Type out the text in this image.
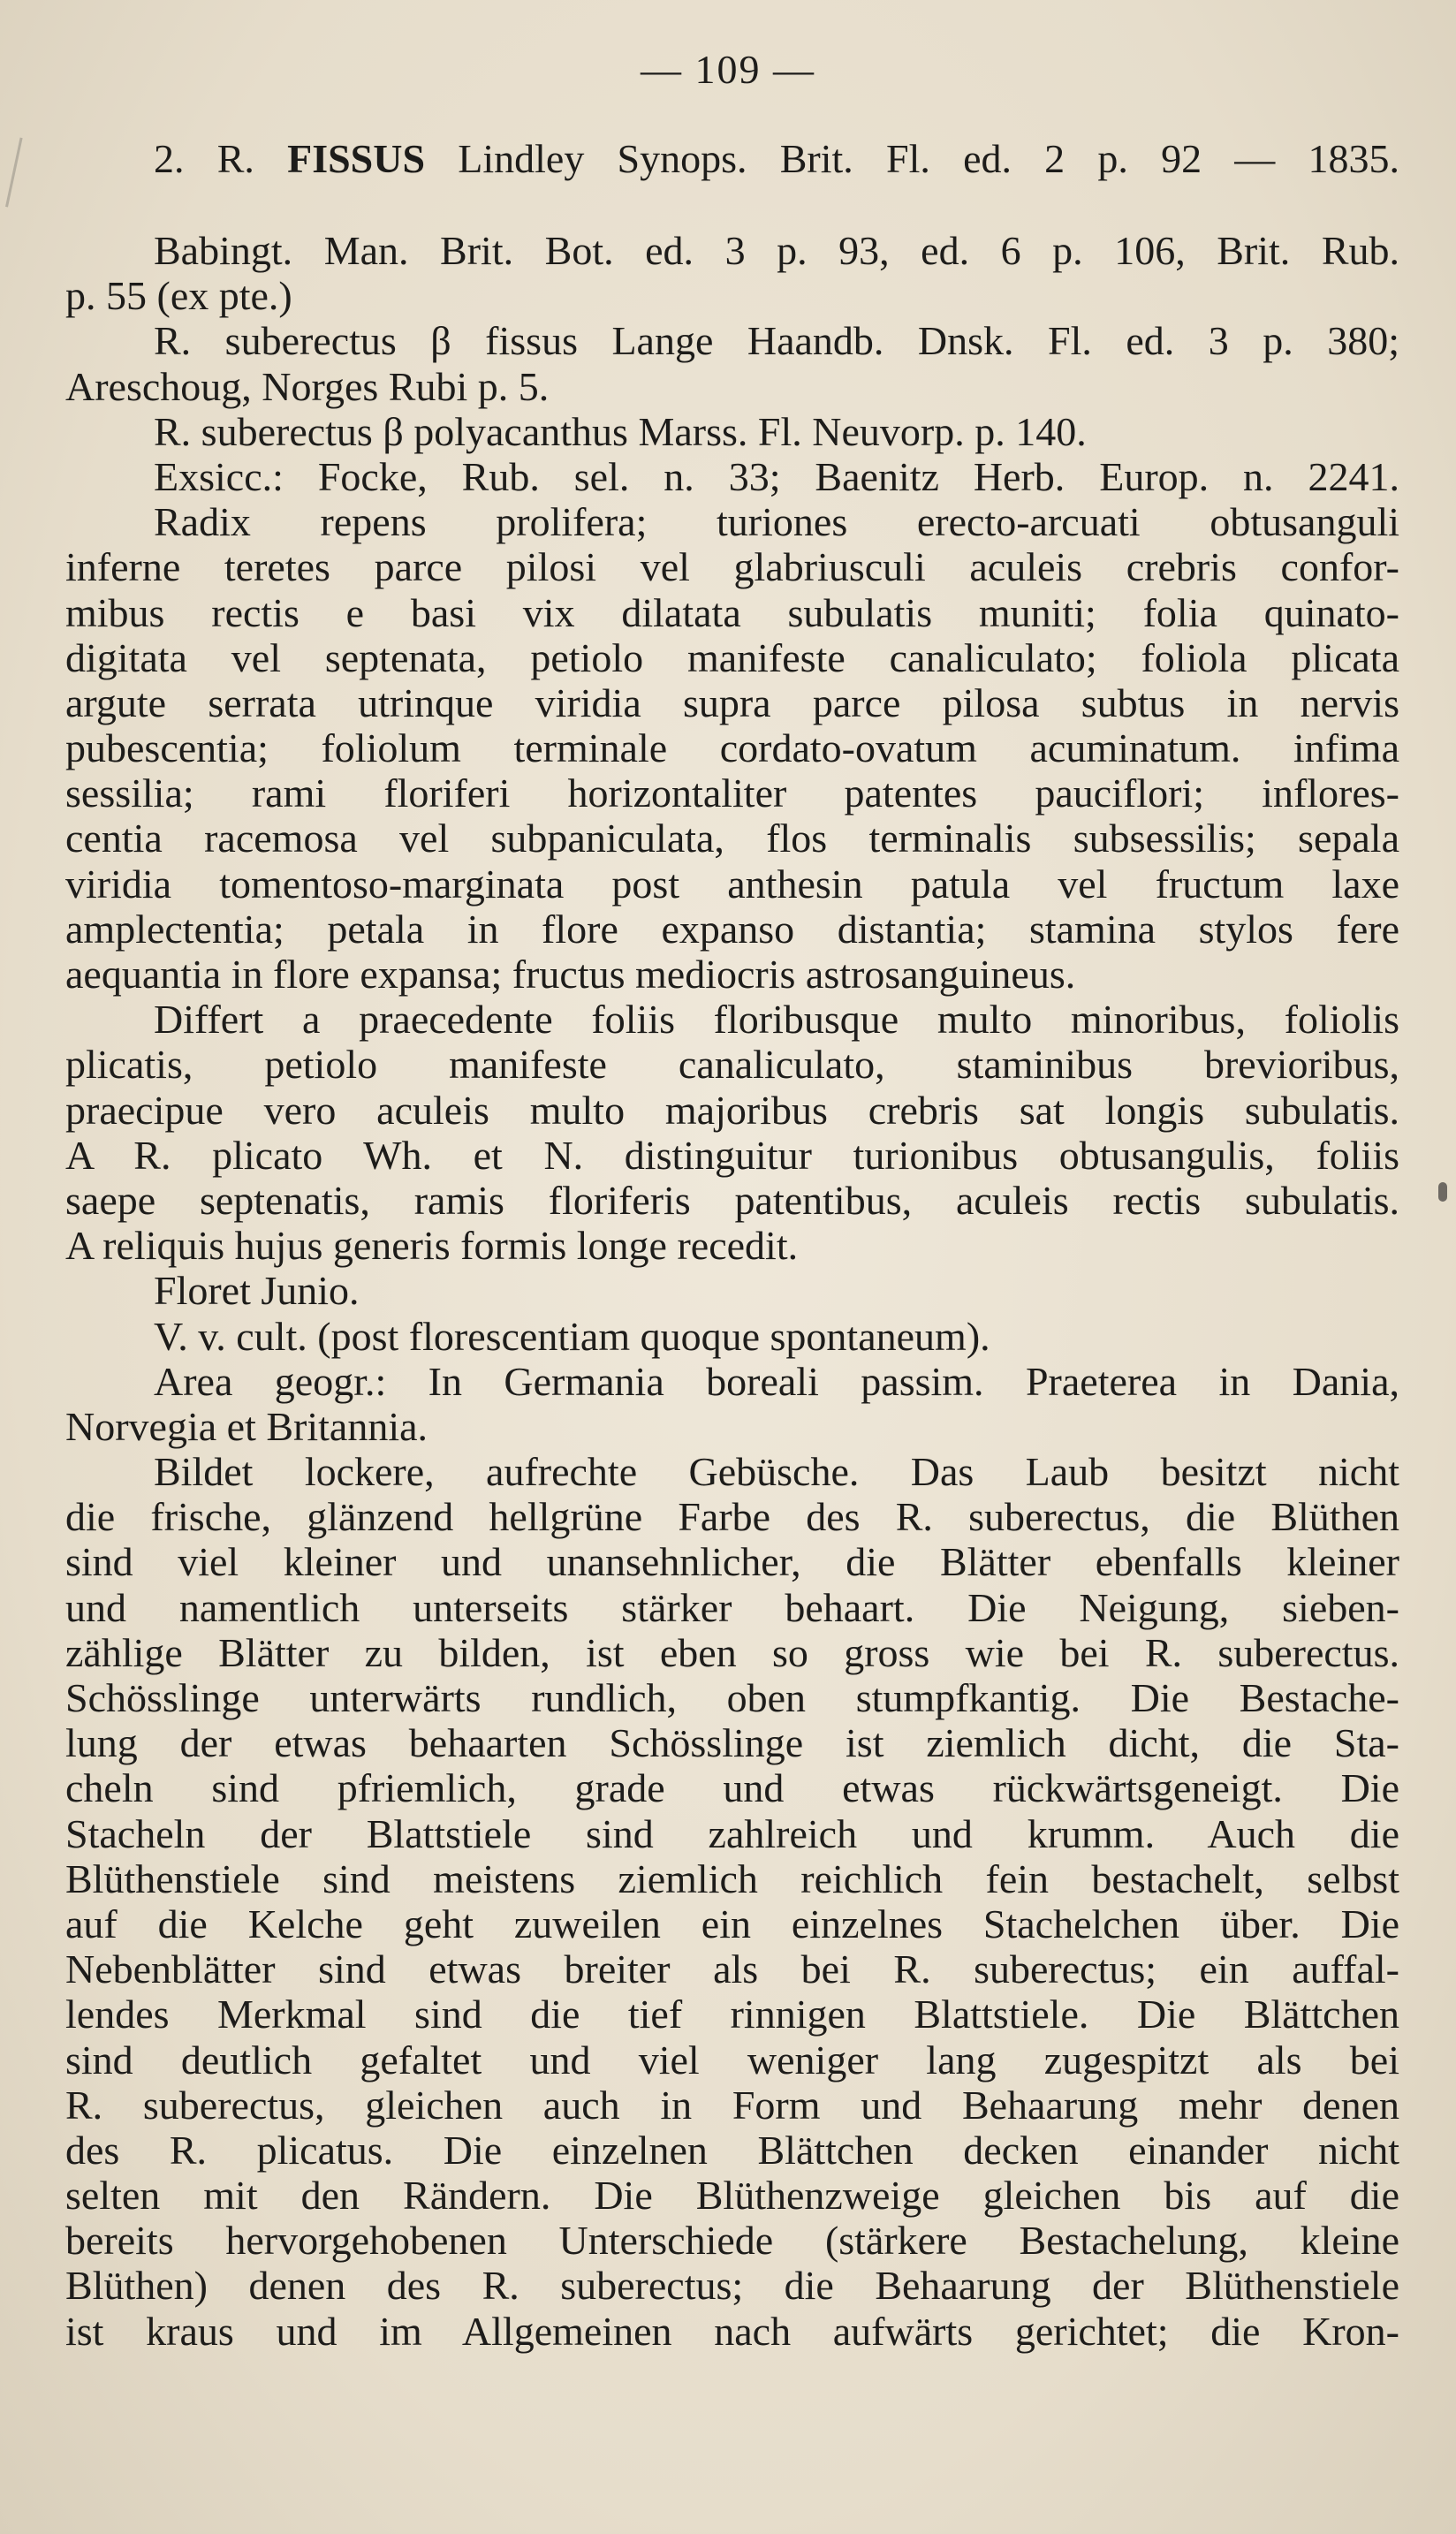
— 109 —
2. R. FISSUS Lindley Synops. Brit. Fl. ed. 2 p. 92 — 1835.
Babingt. Man. Brit. Bot. ed. 3 p. 93, ed. 6 p. 106, Brit. Rub.
p. 55 (ex pte.)
R. suberectus β fissus Lange Haandb. Dnsk. Fl. ed. 3 p. 380;
Areschoug, Norges Rubi p. 5.
R. suberectus β polyacanthus Marss. Fl. Neuvorp. p. 140.
Exsicc.: Focke, Rub. sel. n. 33; Baenitz Herb. Europ. n. 2241.
Radix repens prolifera; turiones erecto-arcuati obtusanguli
inferne teretes parce pilosi vel glabriusculi aculeis crebris confor-
mibus rectis e basi vix dilatata subulatis muniti; folia quinato-
digitata vel septenata, petiolo manifeste canaliculato; foliola plicata
argute serrata utrinque viridia supra parce pilosa subtus in nervis
pubescentia; foliolum terminale cordato-ovatum acuminatum. infima
sessilia; rami floriferi horizontaliter patentes pauciflori; inflores-
centia racemosa vel subpaniculata, flos terminalis subsessilis; sepala
viridia tomentoso-marginata post anthesin patula vel fructum laxe
amplectentia; petala in flore expanso distantia; stamina stylos fere
aequantia in flore expansa; fructus mediocris astrosanguineus.
Differt a praecedente foliis floribusque multo minoribus, foliolis
plicatis, petiolo manifeste canaliculato, staminibus brevioribus,
praecipue vero aculeis multo majoribus crebris sat longis subulatis.
A R. plicato Wh. et N. distinguitur turionibus obtusangulis, foliis
saepe septenatis, ramis floriferis patentibus, aculeis rectis subulatis.
A reliquis hujus generis formis longe recedit.
Floret Junio.
V. v. cult. (post florescentiam quoque spontaneum).
Area geogr.: In Germania boreali passim. Praeterea in Dania,
Norvegia et Britannia.
Bildet lockere, aufrechte Gebüsche. Das Laub besitzt nicht
die frische, glänzend hellgrüne Farbe des R. suberectus, die Blüthen
sind viel kleiner und unansehnlicher, die Blätter ebenfalls kleiner
und namentlich unterseits stärker behaart. Die Neigung, sieben-
zählige Blätter zu bilden, ist eben so gross wie bei R. suberectus.
Schösslinge unterwärts rundlich, oben stumpfkantig. Die Bestache-
lung der etwas behaarten Schösslinge ist ziemlich dicht, die Sta-
cheln sind pfriemlich, grade und etwas rückwärtsgeneigt. Die
Stacheln der Blattstiele sind zahlreich und krumm. Auch die
Blüthenstiele sind meistens ziemlich reichlich fein bestachelt, selbst
auf die Kelche geht zuweilen ein einzelnes Stachelchen über. Die
Nebenblätter sind etwas breiter als bei R. suberectus; ein auffal-
lendes Merkmal sind die tief rinnigen Blattstiele. Die Blättchen
sind deutlich gefaltet und viel weniger lang zugespitzt als bei
R. suberectus, gleichen auch in Form und Behaarung mehr denen
des R. plicatus. Die einzelnen Blättchen decken einander nicht
selten mit den Rändern. Die Blüthenzweige gleichen bis auf die
bereits hervorgehobenen Unterschiede (stärkere Bestachelung, kleine
Blüthen) denen des R. suberectus; die Behaarung der Blüthenstiele
ist kraus und im Allgemeinen nach aufwärts gerichtet; die Kron-
